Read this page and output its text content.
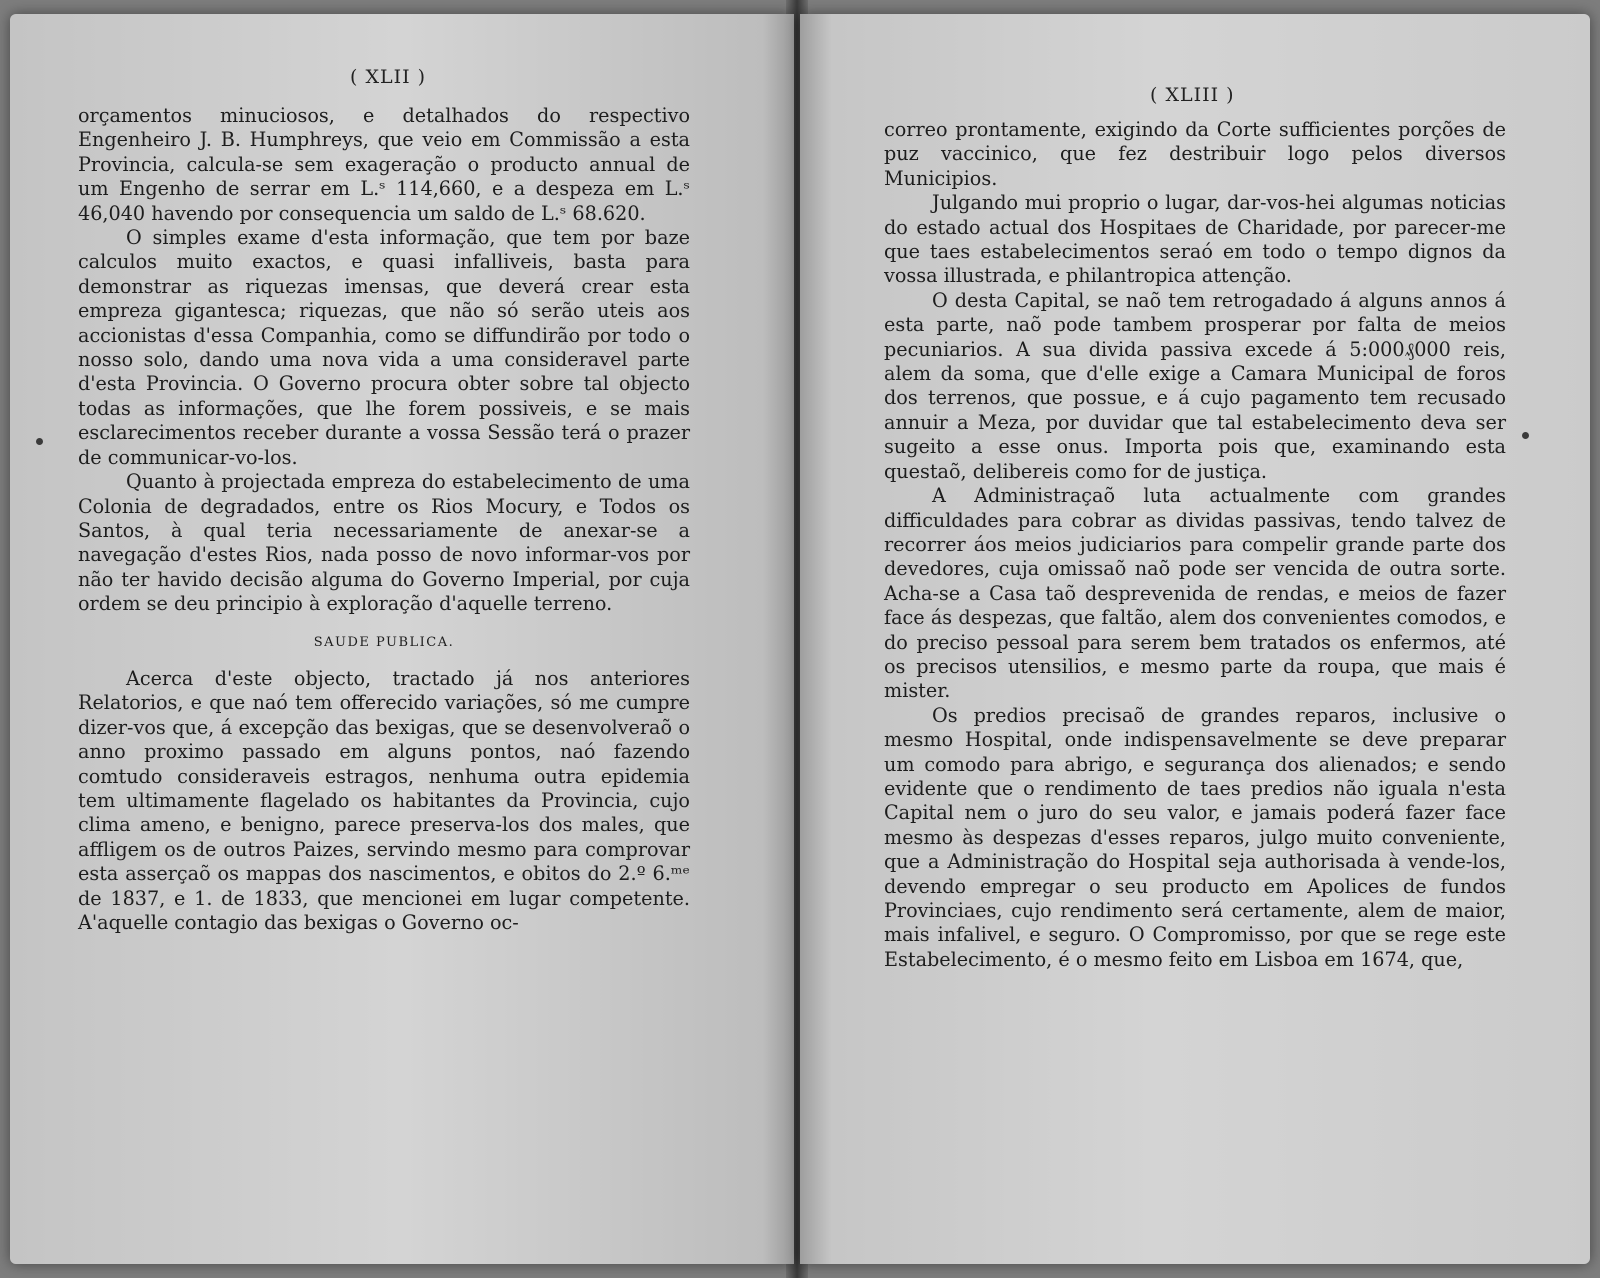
( XLII )

orçamentos minuciosos, e detalhados do respectivo Engenheiro J. B. Humphreys, que veio em Commissão a esta Provincia, calcula-se sem exageração o producto annual de um Engenho de serrar em L.ˢ 114,660, e a despeza em L.ˢ 46,040 havendo por consequencia um saldo de L.ˢ 68.620.

O simples exame d'esta informação, que tem por baze calculos muito exactos, e quasi infalliveis, basta para demonstrar as riquezas imensas, que deverá crear esta empreza gigantesca; riquezas, que não só serão uteis aos accionistas d'essa Companhia, como se diffundirão por todo o nosso solo, dando uma nova vida a uma consideravel parte d'esta Provincia. O Governo procura obter sobre tal objecto todas as informações, que lhe forem possiveis, e se mais esclarecimentos receber durante a vossa Sessão terá o prazer de communicar-vo-los.

Quanto à projectada empreza do estabelecimento de uma Colonia de degradados, entre os Rios Mocury, e Todos os Santos, à qual teria necessariamente de anexar-se a navegação d'estes Rios, nada posso de novo informar-vos por não ter havido decisão alguma do Governo Imperial, por cuja ordem se deu principio à exploração d'aquelle terreno.

SAUDE PUBLICA.

Acerca d'este objecto, tractado já nos anteriores Relatorios, e que naó tem offerecido variações, só me cumpre dizer-vos que, á excepção das bexigas, que se desenvolveraõ o anno proximo passado em alguns pontos, naó fazendo comtudo consideraveis estragos, nenhuma outra epidemia tem ultimamente flagelado os habitantes da Provincia, cujo clima ameno, e benigno, parece preserva-los dos males, que affligem os de outros Paizes, servindo mesmo para comprovar esta asserçaõ os mappas dos nascimentos, e obitos do 2.º 6.ᵐᵉ de 1837, e 1. de 1833, que mencionei em lugar competente. A'aquelle contagio das bexigas o Governo oc-

( XLIII )

correo prontamente, exigindo da Corte sufficientes porções de puz vaccinico, que fez destribuir logo pelos diversos Municipios.

Julgando mui proprio o lugar, dar-vos-hei algumas noticias do estado actual dos Hospitaes de Charidade, por parecer-me que taes estabelecimentos seraó em todo o tempo dignos da vossa illustrada, e philantropica attenção.

O desta Capital, se naõ tem retrogadado á alguns annos á esta parte, naõ pode tambem prosperar por falta de meios pecuniarios. A sua divida passiva excede á 5:000₰000 reis, alem da soma, que d'elle exige a Camara Municipal de foros dos terrenos, que possue, e á cujo pagamento tem recusado annuir a Meza, por duvidar que tal estabelecimento deva ser sugeito a esse onus. Importa pois que, examinando esta questaõ, delibereis como for de justiça.

A Administraçaõ luta actualmente com grandes difficuldades para cobrar as dividas passivas, tendo talvez de recorrer áos meios judiciarios para compelir grande parte dos devedores, cuja omissaõ naõ pode ser vencida de outra sorte. Acha-se a Casa taõ desprevenida de rendas, e meios de fazer face ás despezas, que faltão, alem dos convenientes comodos, e do preciso pessoal para serem bem tratados os enfermos, até os precisos utensilios, e mesmo parte da roupa, que mais é mister.

Os predios precisaõ de grandes reparos, inclusive o mesmo Hospital, onde indispensavelmente se deve preparar um comodo para abrigo, e segurança dos alienados; e sendo evidente que o rendimento de taes predios não iguala n'esta Capital nem o juro do seu valor, e jamais poderá fazer face mesmo às despezas d'esses reparos, julgo muito conveniente, que a Administração do Hospital seja authorisada à vende-los, devendo empregar o seu producto em Apolices de fundos Provinciaes, cujo rendimento será certamente, alem de maior, mais infalivel, e seguro. O Compromisso, por que se rege este Estabelecimento, é o mesmo feito em Lisboa em 1674, que,
